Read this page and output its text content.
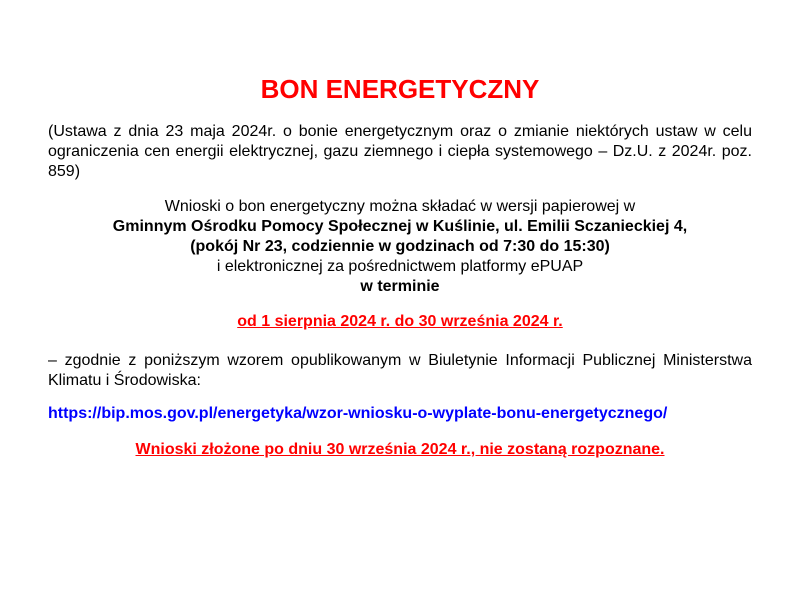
BON ENERGETYCZNY
(Ustawa z dnia 23 maja 2024r. o bonie energetycznym oraz o zmianie niektórych ustaw w celu ograniczenia cen energii elektrycznej, gazu ziemnego i ciepła systemowego – Dz.U. z 2024r. poz. 859)
Wnioski o bon energetyczny można składać w wersji papierowej w
Gminnym Ośrodku Pomocy Społecznej w Kuślinie, ul. Emilii Sczanieckiej 4,
(pokój Nr 23, codziennie w godzinach od 7:30 do 15:30)
i elektronicznej za pośrednictwem platformy ePUAP
w terminie
od 1 sierpnia 2024 r. do 30 września 2024 r.
– zgodnie z poniższym wzorem opublikowanym w Biuletynie Informacji Publicznej Ministerstwa Klimatu i Środowiska:
https://bip.mos.gov.pl/energetyka/wzor-wniosku-o-wyplate-bonu-energetycznego/
Wnioski złożone po dniu 30 września 2024 r., nie zostaną rozpoznane.
